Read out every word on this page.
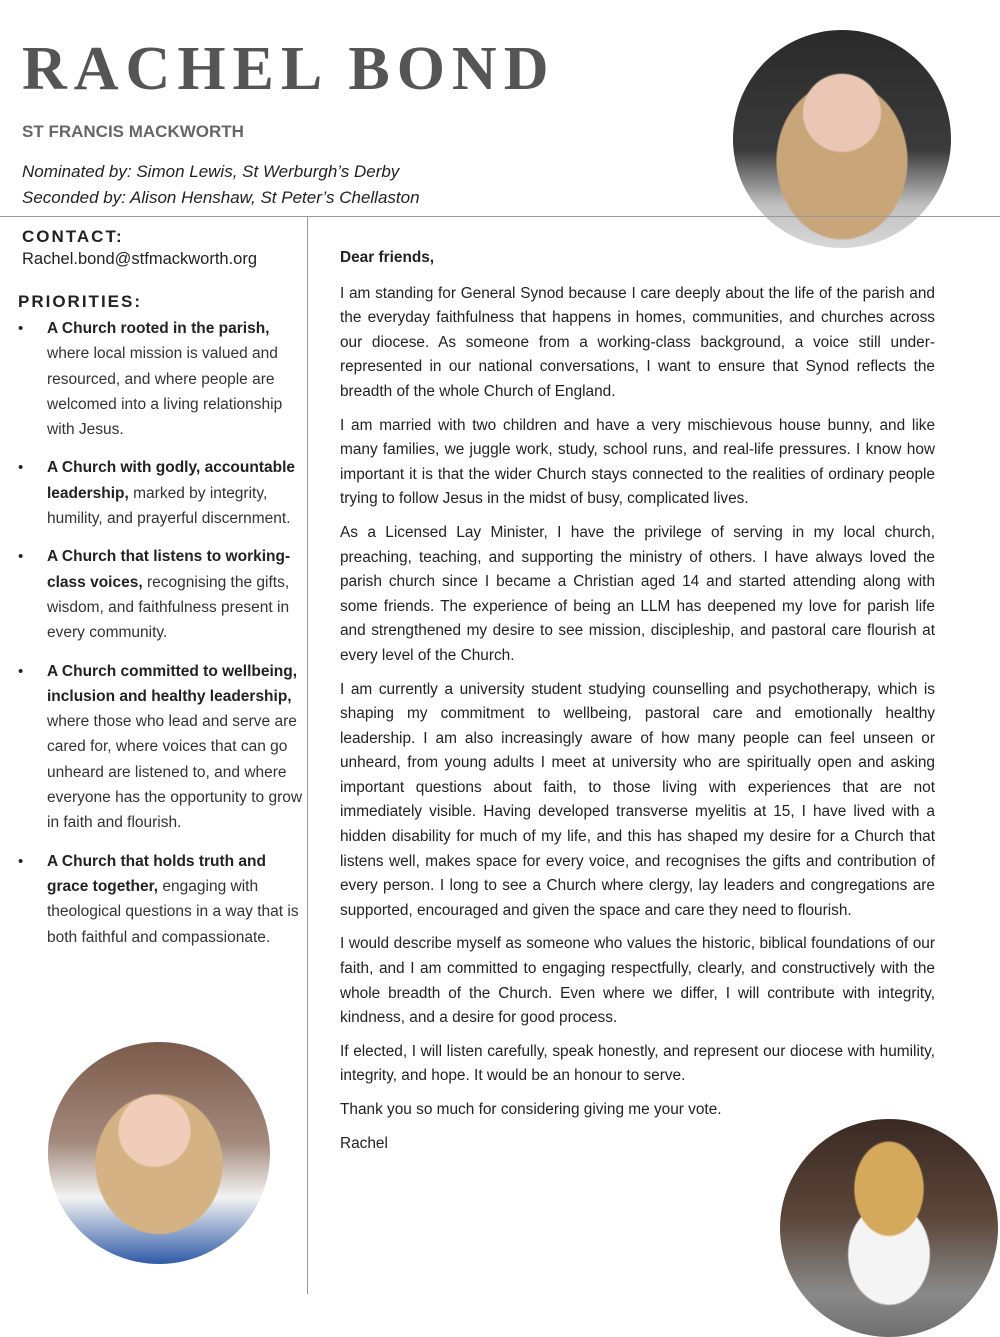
RACHEL BOND
ST FRANCIS MACKWORTH
Nominated by: Simon Lewis, St Werburgh’s Derby
Seconded by: Alison Henshaw, St Peter’s Chellaston
CONTACT:
Rachel.bond@stfmackworth.org
PRIORITIES:
• A Church rooted in the parish, where local mission is valued and resourced, and where people are welcomed into a living relationship with Jesus.
• A Church with godly, accountable leadership, marked by integrity, humility, and prayerful discernment.
• A Church that listens to working-class voices, recognising the gifts, wisdom, and faithfulness present in every community.
• A Church committed to wellbeing, inclusion and healthy leadership, where those who lead and serve are cared for, where voices that can go unheard are listened to, and where everyone has the opportunity to grow in faith and flourish.
• A Church that holds truth and grace together, engaging with theological questions in a way that is both faithful and compassionate.

Dear friends,

I am standing for General Synod because I care deeply about the life of the parish and the everyday faithfulness that happens in homes, communities, and churches across our diocese. As someone from a working-class background, a voice still under-represented in our national conversations, I want to ensure that Synod reflects the breadth of the whole Church of England.

I am married with two children and have a very mischievous house bunny, and like many families, we juggle work, study, school runs, and real-life pressures. I know how important it is that the wider Church stays connected to the realities of ordinary people trying to follow Jesus in the midst of busy, complicated lives.

As a Licensed Lay Minister, I have the privilege of serving in my local church, preaching, teaching, and supporting the ministry of others. I have always loved the parish church since I became a Christian aged 14 and started attending along with some friends. The experience of being an LLM has deepened my love for parish life and strengthened my desire to see mission, discipleship, and pastoral care flourish at every level of the Church.

I am currently a university student studying counselling and psychotherapy, which is shaping my commitment to wellbeing, pastoral care and emotionally healthy leadership. I am also increasingly aware of how many people can feel unseen or unheard, from young adults I meet at university who are spiritually open and asking important questions about faith, to those living with experiences that are not immediately visible. Having developed transverse myelitis at 15, I have lived with a hidden disability for much of my life, and this has shaped my desire for a Church that listens well, makes space for every voice, and recognises the gifts and contribution of every person. I long to see a Church where clergy, lay leaders and congregations are supported, encouraged and given the space and care they need to flourish.

I would describe myself as someone who values the historic, biblical foundations of our faith, and I am committed to engaging respectfully, clearly, and constructively with the whole breadth of the Church. Even where we differ, I will contribute with integrity, kindness, and a desire for good process.

If elected, I will listen carefully, speak honestly, and represent our diocese with humility, integrity, and hope. It would be an honour to serve.

Thank you so much for considering giving me your vote.

Rachel
